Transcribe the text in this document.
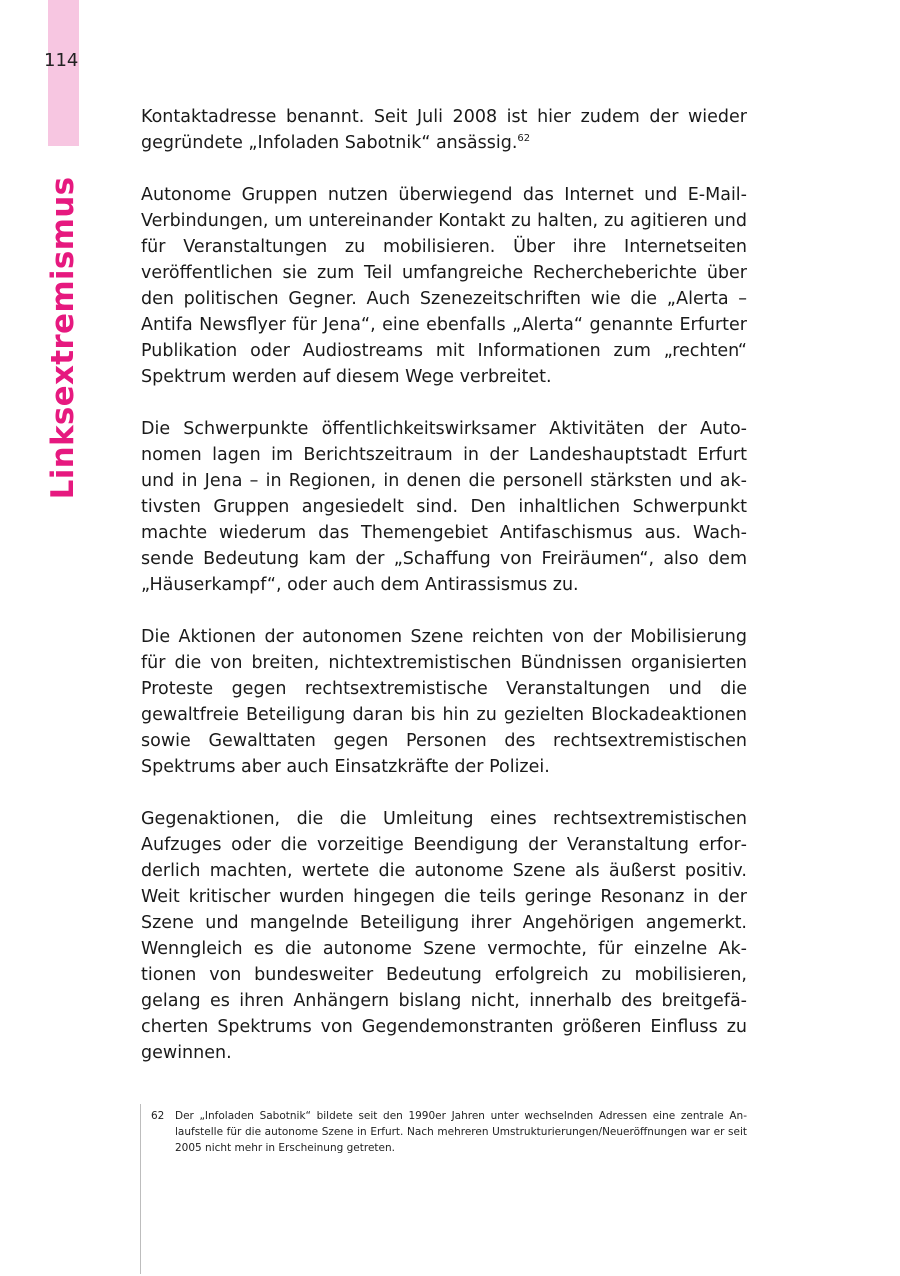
114
Linksextremismus

Kontaktadresse benannt. Seit Juli 2008 ist hier zudem der wieder gegründete „Infoladen Sabotnik“ ansässig.$^{62}$

Autonome Gruppen nutzen überwiegend das Internet und E-Mail-Verbindungen, um untereinander Kontakt zu halten, zu agitieren und für Veranstaltungen zu mobilisieren. Über ihre Internetseiten veröffentlichen sie zum Teil umfangreiche Rechercheberichte über den politischen Gegner. Auch Szenezeitschriften wie die „Alerta – Antifa Newsflyer für Jena“, eine ebenfalls „Alerta“ genannte Erfurter Publikation oder Audiostreams mit Informationen zum „rechten“ Spektrum werden auf diesem Wege verbreitet.

Die Schwerpunkte öffentlichkeitswirksamer Aktivitäten der Autonomen lagen im Berichtszeitraum in der Landeshauptstadt Erfurt und in Jena – in Regionen, in denen die personell stärksten und aktivsten Gruppen angesiedelt sind. Den inhaltlichen Schwerpunkt machte wiederum das Themengebiet Antifaschismus aus. Wachsende Bedeutung kam der „Schaffung von Freiräumen“, also dem „Häuserkampf“, oder auch dem Antirassismus zu.

Die Aktionen der autonomen Szene reichten von der Mobilisierung für die von breiten, nichtextremistischen Bündnissen organisierten Proteste gegen rechtsextremistische Veranstaltungen und die gewaltfreie Beteiligung daran bis hin zu gezielten Blockadeaktionen sowie Gewalttaten gegen Personen des rechtsextremistischen Spektrums aber auch Einsatzkräfte der Polizei.

Gegenaktionen, die die Umleitung eines rechtsextremistischen Aufzuges oder die vorzeitige Beendigung der Veranstaltung erforderlich machten, wertete die autonome Szene als äußerst positiv. Weit kritischer wurden hingegen die teils geringe Resonanz in der Szene und mangelnde Beteiligung ihrer Angehörigen angemerkt. Wenngleich es die autonome Szene vermochte, für einzelne Aktionen von bundesweiter Bedeutung erfolgreich zu mobilisieren, gelang es ihren Anhängern bislang nicht, innerhalb des breitgefächerten Spektrums von Gegendemonstranten größeren Einfluss zu gewinnen.

62	Der „Infoladen Sabotnik“ bildete seit den 1990er Jahren unter wechselnden Adressen eine zentrale Anlaufstelle für die autonome Szene in Erfurt. Nach mehreren Umstrukturierungen/Neueröffnungen war er seit 2005 nicht mehr in Erscheinung getreten.
